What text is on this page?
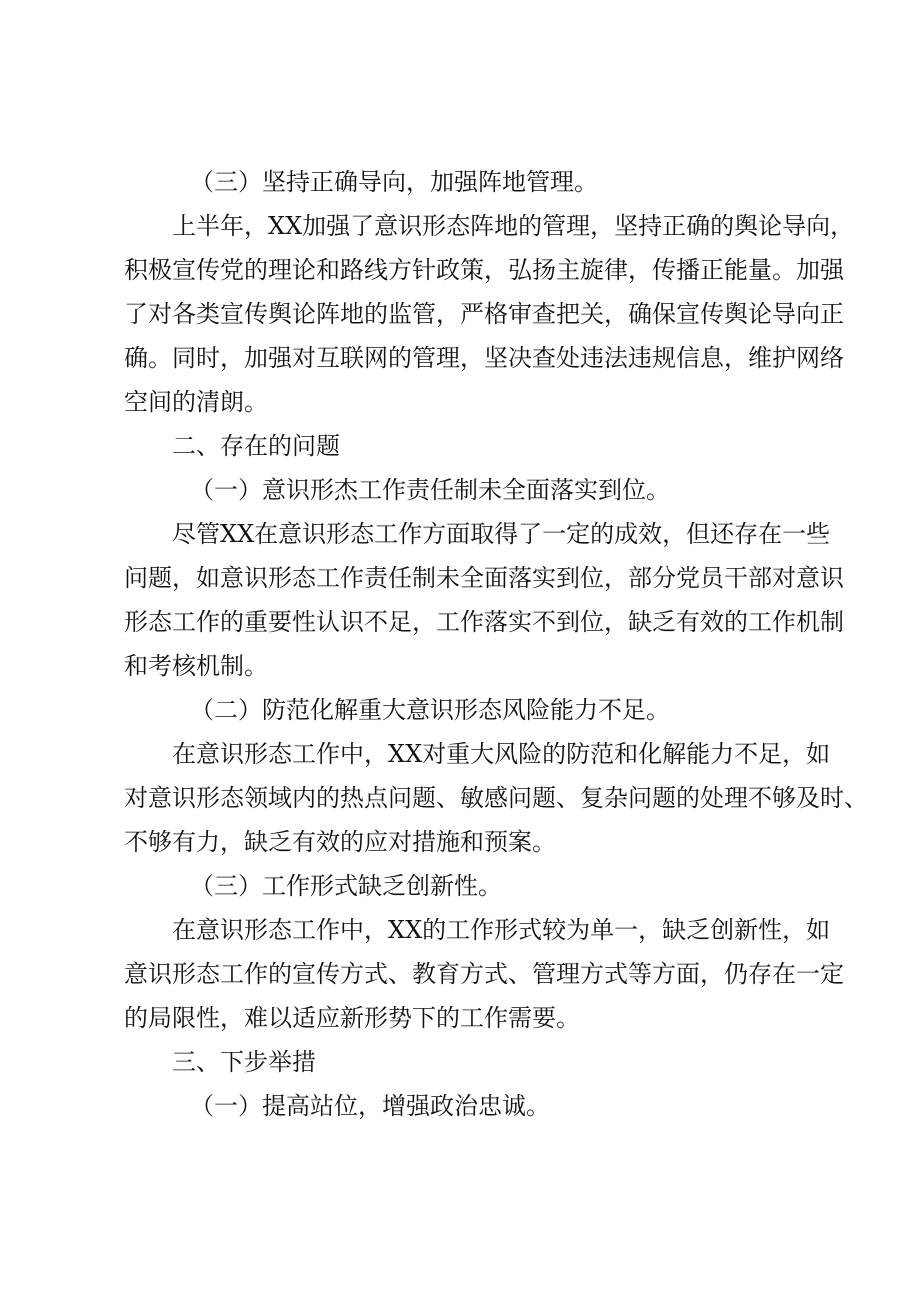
（三）坚持正确导向，加强阵地管理。
上半年，XX加强了意识形态阵地的管理，坚持正确的舆论导向，
积极宣传党的理论和路线方针政策，弘扬主旋律，传播正能量。加强
了对各类宣传舆论阵地的监管，严格审查把关，确保宣传舆论导向正
确。同时，加强对互联网的管理，坚决查处违法违规信息，维护网络
空间的清朗。
二、存在的问题
（一）意识形杰工作责任制未全面落实到位。
尽管XX在意识形态工作方面取得了一定的成效，但还存在一些
问题，如意识形态工作责任制未全面落实到位，部分党员干部对意识
形态工作的重要性认识不足，工作落实不到位，缺乏有效的工作机制
和考核机制。
（二）防范化解重大意识形态风险能力不足。
在意识形态工作中，XX对重大风险的防范和化解能力不足，如
对意识形态领域内的热点问题、敏感问题、复杂问题的处理不够及时、
不够有力，缺乏有效的应对措施和预案。
（三）工作形式缺乏创新性。
在意识形态工作中，XX的工作形式较为单一，缺乏创新性，如
意识形态工作的宣传方式、教育方式、管理方式等方面，仍存在一定
的局限性，难以适应新形势下的工作需要。
三、下步举措
（一）提高站位，增强政治忠诚。
